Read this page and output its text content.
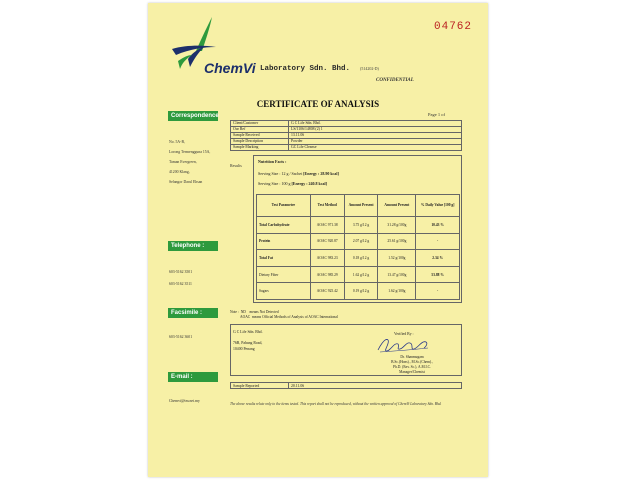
04762
ChemVi Laboratory Sdn. Bhd. (514202-D)
CONFIDENTIAL
CERTIFICATE OF ANALYSIS
Page 1 of
Correspondence
No. 5A-B,
Lorong Termengguna 15A,
Taman Evergreen,
41200 Klang,
Selangor Darul Ehsan
Telephone :
603-5162 3501
603-5162 3511
Facsimile :
603-5162 3601
E-mail :
Chemvi@tm.net.my
Client/Customer	G C Life Sdn. Bhd.
Our Ref	LS/1106/14808 (2) 1
Sample Received	13.11.06
Sample Description	Powder
Sample Marking	GC Life Cleanse
Results
Nutrition Facts :
Serving Size : 12 g / Sachet [Energy : 28.90 kcal]
Serving Size : 100 g [Energy : 240.8 kcal]
Test Parameter	Test Method	Amount Present	Amount Present	% Daily Value [100 g]
Total Carbohydrate	AOAC 971.38	3.75 g/12 g	31.28 g/100g	10.43 %
Protein	AOAC 920.87	2.07 g/12 g	25.61 g/100g	-
Total Fat	AOAC 983.23	0.18 g/12 g	1.52 g/100g	2.34 %
Dietary Fiber	AOAC 985.29	1.62 g/12 g	13.47 g/100g	53.88 %
Sugars	AOAC 925.42	0.19 g/12 g	1.62 g/100g	-
Note :  ND means Not Detected
AOAC means Official Methods of Analysis of AOAC International
G C Life Sdn. Bhd.

76B, Pahang Road,
10400 Penang
Verified By :
Dr. Shanmugam
B.Sc.(Hons)., M.Sc.(Chem).,
Ph.D. (Env. Sc.), A.M.I.C.
Manager/Chemist
Sample Reported	20.11.06
The above results relate only to the items tested. This report shall not be reproduced, without the written approval of ChemVi Laboratory Sdn. Bhd.
